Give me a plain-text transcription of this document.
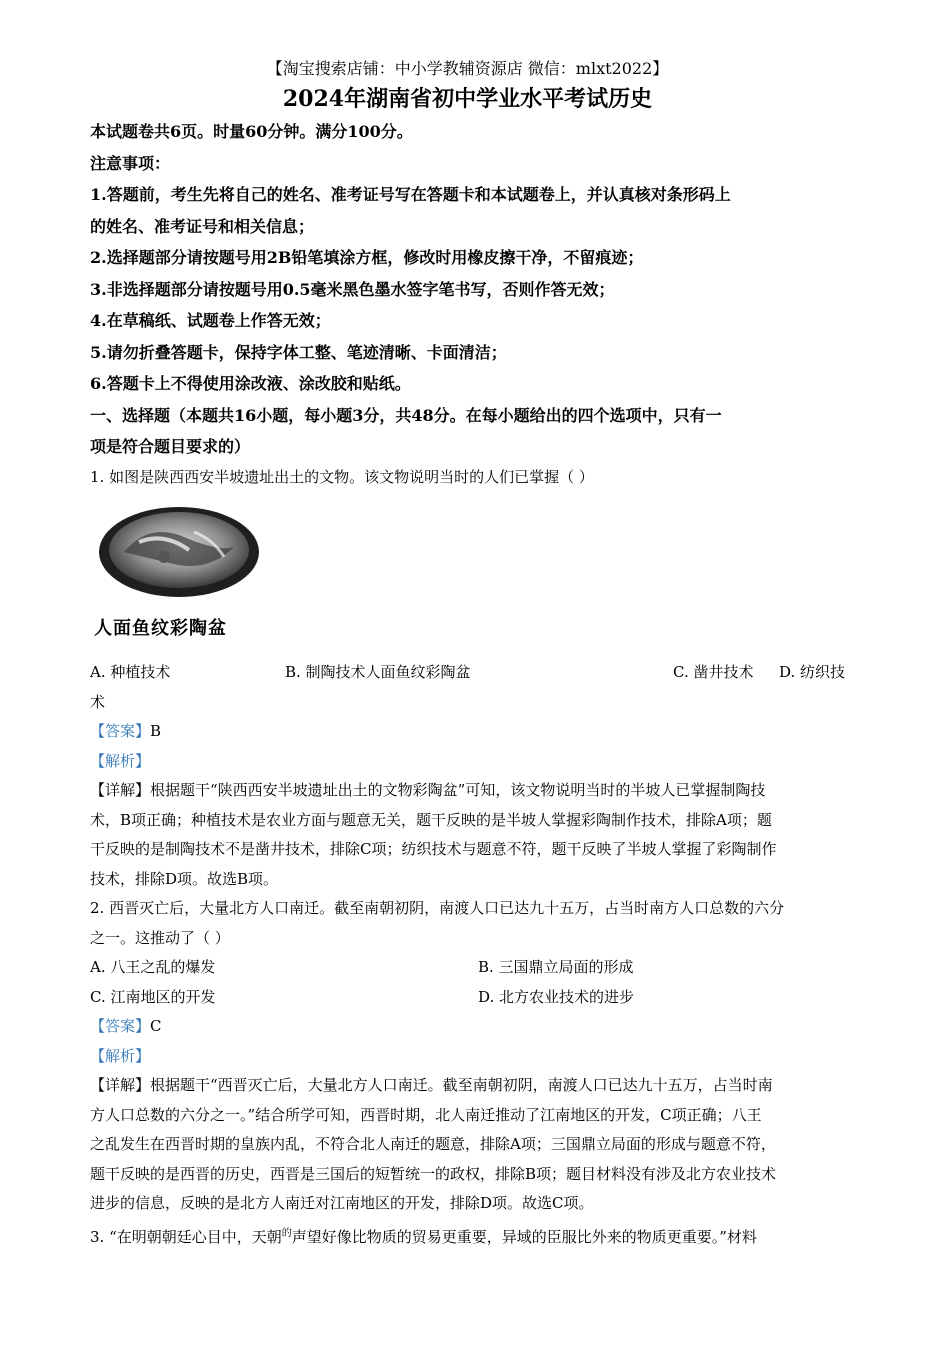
【淘宝搜索店铺：中小学教辅资源店 微信：mlxt2022】
2024年湖南省初中学业水平考试历史
本试题卷共6页。时量60分钟。满分100分。
注意事项：
1.答题前，考生先将自己的姓名、准考证号写在答题卡和本试题卷上，并认真核对条形码上
的姓名、准考证号和相关信息；
2.选择题部分请按题号用2B铅笔填涂方框，修改时用橡皮擦干净，不留痕迹；
3.非选择题部分请按题号用0.5毫米黑色墨水签字笔书写，否则作答无效；
4.在草稿纸、试题卷上作答无效；
5.请勿折叠答题卡，保持字体工整、笔迹清晰、卡面清洁；
6.答题卡上不得使用涂改液、涂改胶和贴纸。
一、选择题（本题共16小题，每小题3分，共48分。在每小题给出的四个选项中，只有一
项是符合题目要求的）
1. 如图是陕西西安半坡遗址出土的文物。该文物说明当时的人们已掌握（ ）
人面鱼纹彩陶盆
A. 种植技术	B. 制陶技术人面鱼纹彩陶盆	C. 凿井技术 D. 纺织技
术
【答案】B
【解析】
【详解】根据题干“陕西西安半坡遗址出土的文物彩陶盆”可知，该文物说明当时的半坡人已掌握制陶技
术，B项正确；种植技术是农业方面与题意无关，题干反映的是半坡人掌握彩陶制作技术，排除A项；题
干反映的是制陶技术不是凿井技术，排除C项；纺织技术与题意不符，题干反映了半坡人掌握了彩陶制作
技术，排除D项。故选B项。
2. 西晋灭亡后，大量北方人口南迁。截至南朝初阴，南渡人口已达九十五万，占当时南方人口总数的六分
之一。这推动了（ ）
A. 八王之乱的爆发	B. 三国鼎立局面的形成
C. 江南地区的开发	D. 北方农业技术的进步
【答案】C
【解析】
【详解】根据题干“西晋灭亡后，大量北方人口南迁。截至南朝初阴，南渡人口已达九十五万，占当时南
方人口总数的六分之一。”结合所学可知，西晋时期，北人南迁推动了江南地区的开发，C项正确；八王
之乱发生在西晋时期的皇族内乱，不符合北人南迁的题意，排除A项；三国鼎立局面的形成与题意不符，
题干反映的是西晋的历史，西晋是三国后的短暂统一的政权，排除B项；题目材料没有涉及北方农业技术
进步的信息，反映的是北方人南迁对江南地区的开发，排除D项。故选C项。
3. “在明朝朝廷心目中，天朝$^的$声望好像比物质的贸易更重要，异域的臣服比外来的物质更重要。”材料
